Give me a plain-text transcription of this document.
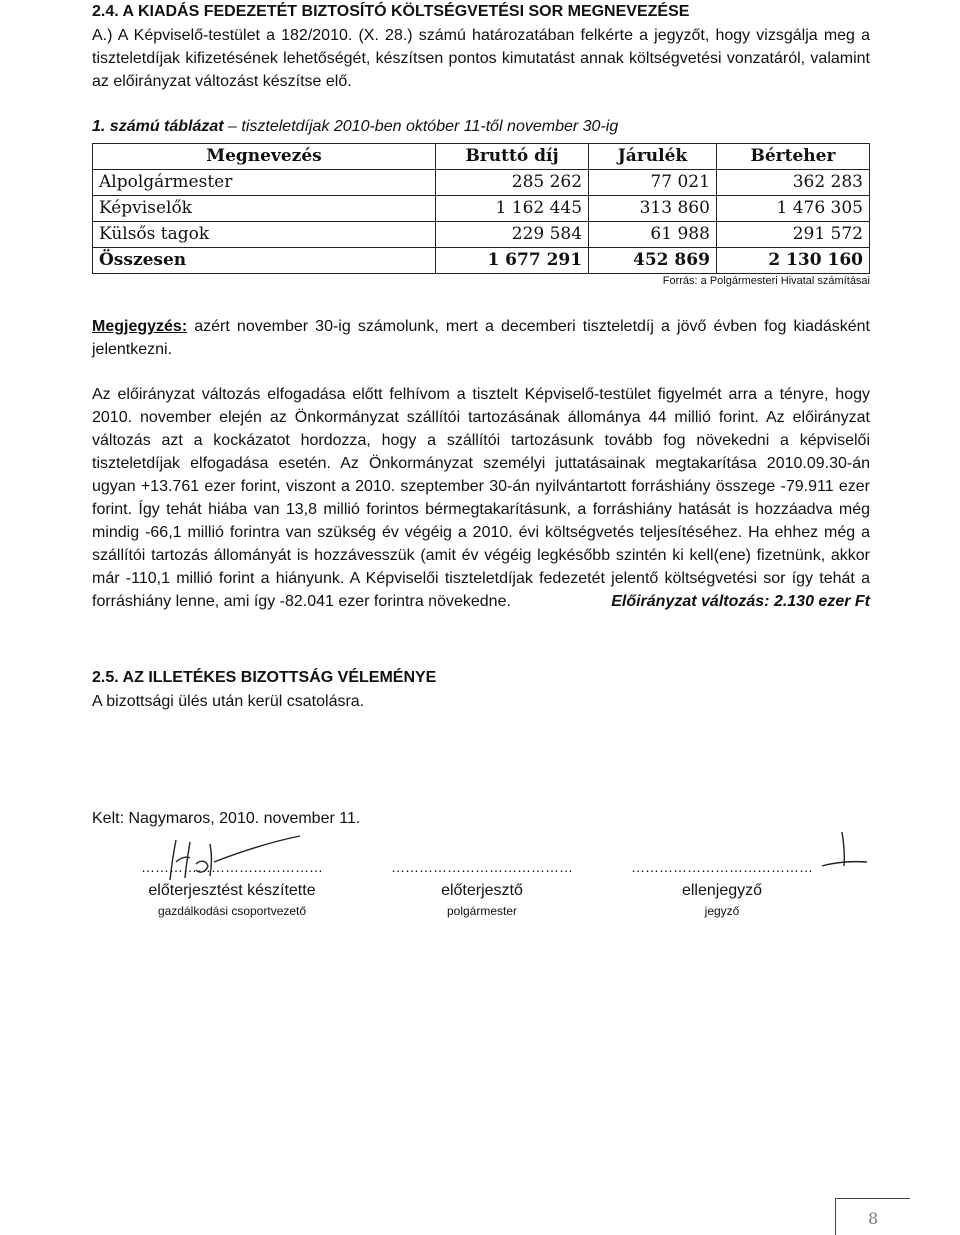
2.4. A KIADÁS FEDEZETÉT BIZTOSÍTÓ KÖLTSÉGVETÉSI SOR MEGNEVEZÉSE
A.) A Képviselő-testület a 182/2010. (X. 28.) számú határozatában felkérte a jegyzőt, hogy vizsgálja meg a tiszteletdíjak kifizetésének lehetőségét, készítsen pontos kimutatást annak költségvetési vonzatáról, valamint az előirányzat változást készítse elő.
1. számú táblázat – tiszteletdíjak 2010-ben október 11-től november 30-ig
Megnevezés	Bruttó díj	Járulék	Bérteher
Alpolgármester	285 262	77 021	362 283
Képviselők	1 162 445	313 860	1 476 305
Külsős tagok	229 584	61 988	291 572
Összesen	1 677 291	452 869	2 130 160
Forrás: a Polgármesteri Hivatal számításai
Megjegyzés: azért november 30-ig számolunk, mert a decemberi tiszteletdíj a jövő évben fog kiadásként jelentkezni.
Az előirányzat változás elfogadása előtt felhívom a tisztelt Képviselő-testület figyelmét arra a tényre, hogy 2010. november elején az Önkormányzat szállítói tartozásának állománya 44 millió forint. Az előirányzat változás azt a kockázatot hordozza, hogy a szállítói tartozásunk tovább fog növekedni a képviselői tiszteletdíjak elfogadása esetén. Az Önkormányzat személyi juttatásainak megtakarítása 2010.09.30-án ugyan +13.761 ezer forint, viszont a 2010. szeptember 30-án nyilvántartott forráshiány összege -79.911 ezer forint. Így tehát hiába van 13,8 millió forintos bérmegtakarításunk, a forráshiány hatását is hozzáadva még mindig -66,1 millió forintra van szükség év végéig a 2010. évi költségvetés teljesítéséhez. Ha ehhez még a szállítói tartozás állományát is hozzávesszük (amit év végéig legkésőbb szintén ki kell(ene) fizetnünk, akkor már -110,1 millió forint a hiányunk. A Képviselői tiszteletdíjak fedezetét jelentő költségvetési sor így tehát a forráshiány lenne, ami így -82.041 ezer forintra növekedne.	Előirányzat változás: 2.130 ezer Ft
2.5. AZ ILLETÉKES BIZOTTSÁG VÉLEMÉNYE
A bizottsági ülés után kerül csatolásra.
Kelt: Nagymaros, 2010. november 11.
…………………………………
előterjesztést készítette
gazdálkodási csoportvezető
…………………………………
előterjesztő
polgármester
…………………………………
ellenjegyző
jegyző
8
